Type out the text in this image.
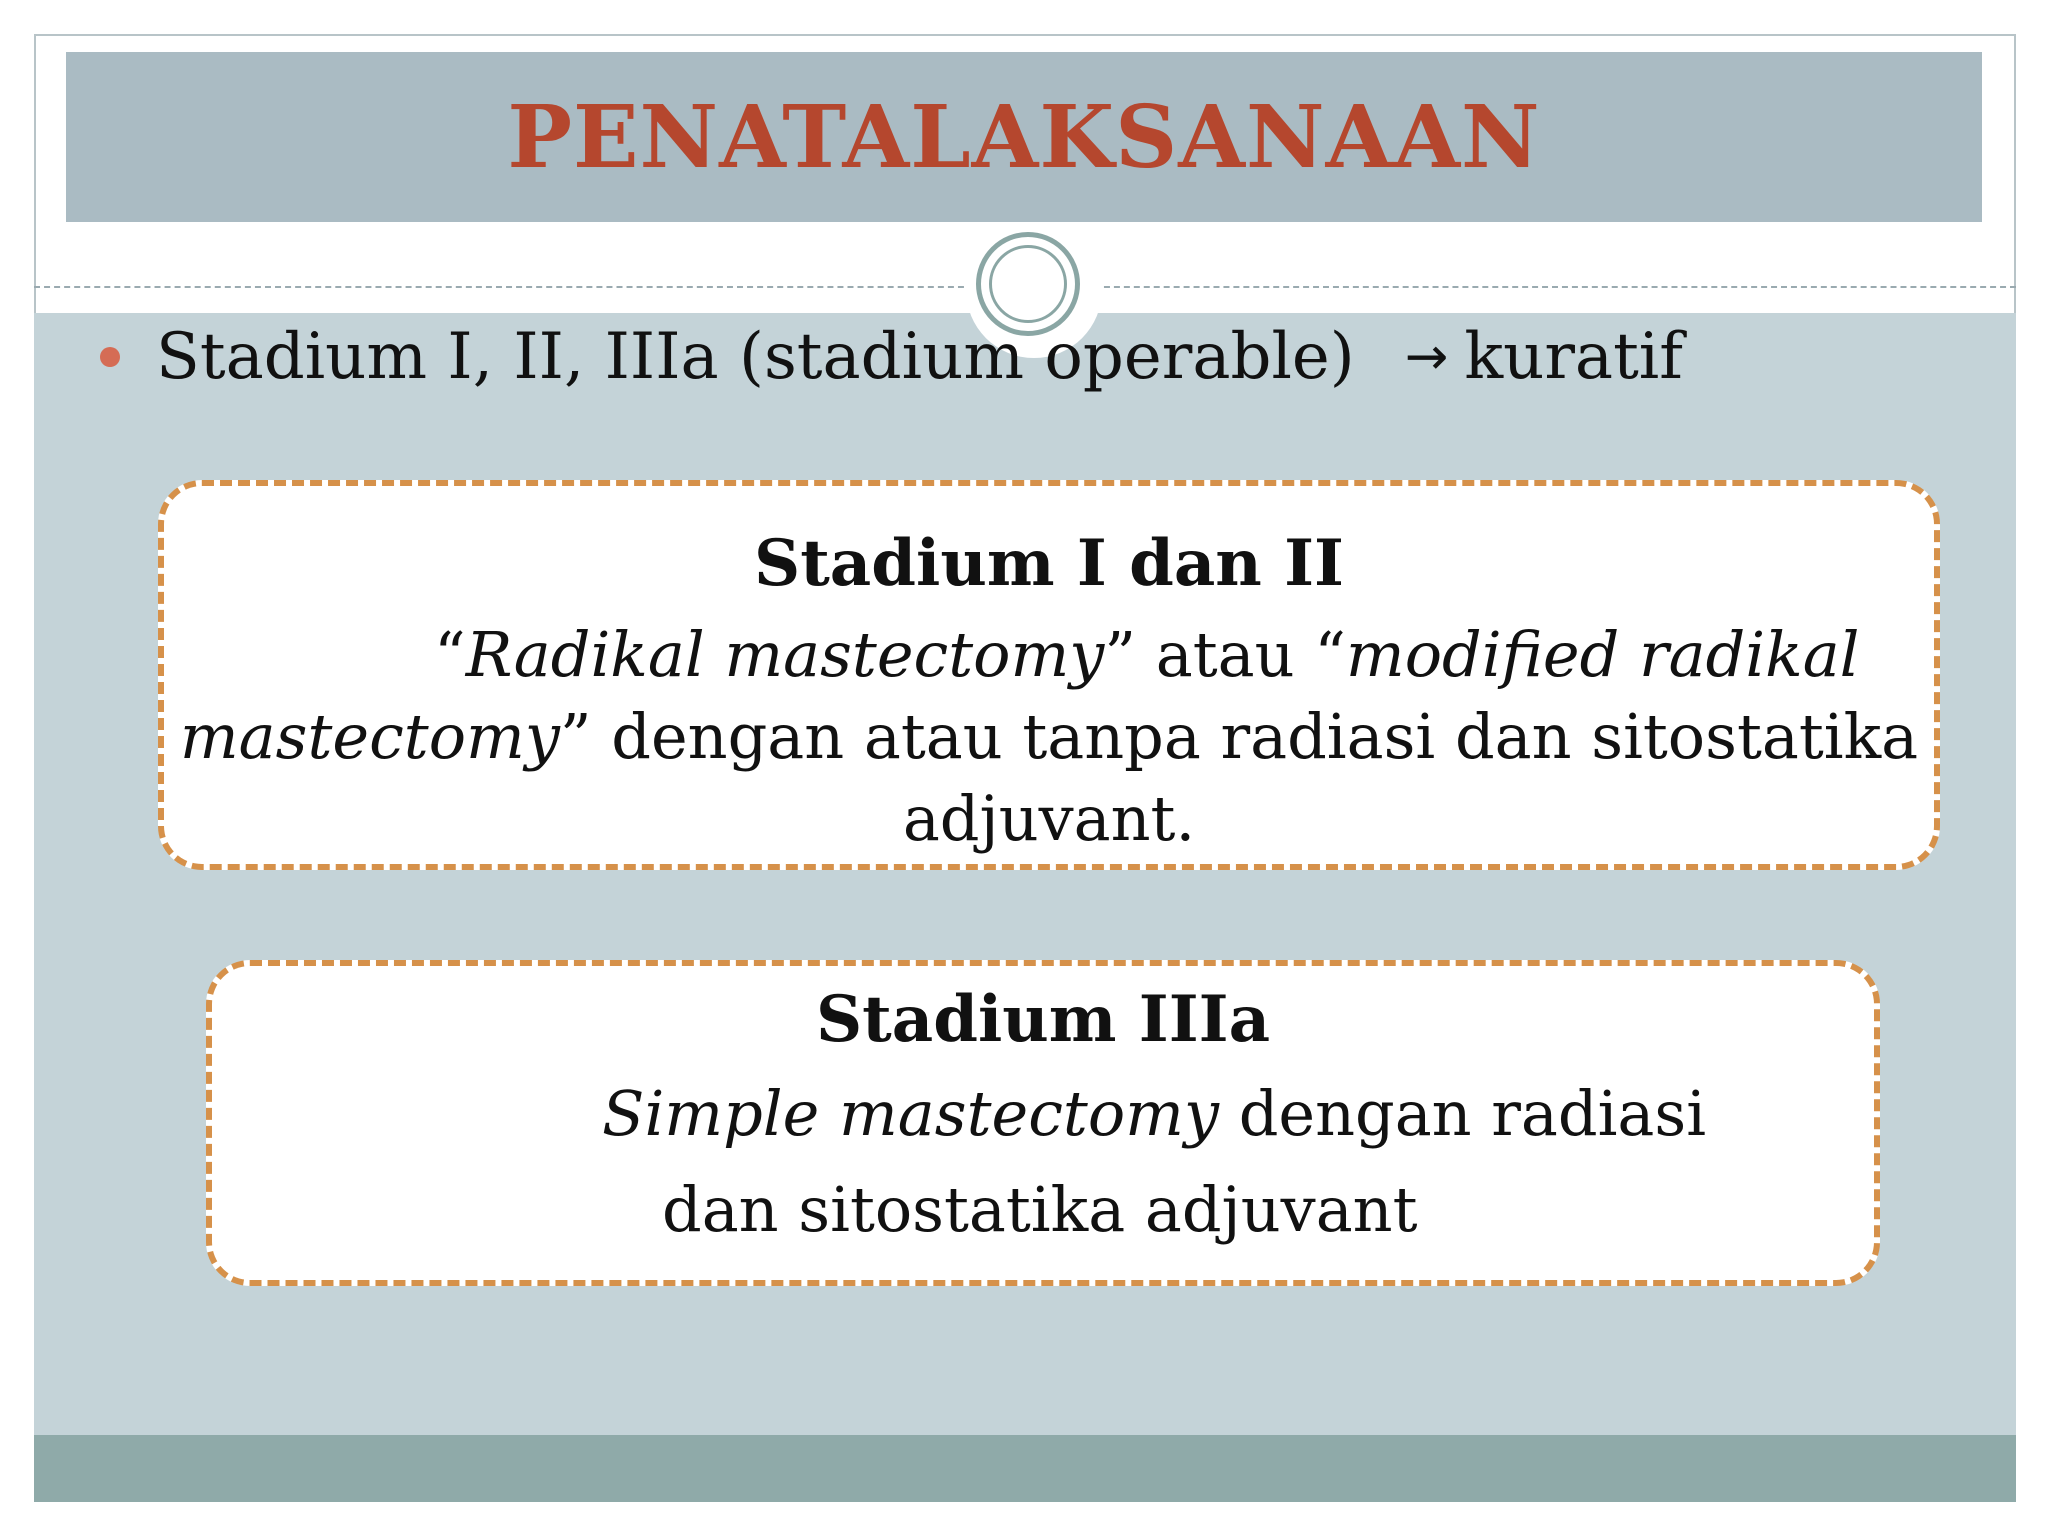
PENATALAKSANAAN
Stadium I, II, IIIa (stadium operable) → kuratif
Stadium I dan II
“Radikal mastectomy” atau “modified radikal
mastectomy” dengan atau tanpa radiasi dan sitostatika
adjuvant.
Stadium IIIa
Simple mastectomy dengan radiasi
dan sitostatika adjuvant
